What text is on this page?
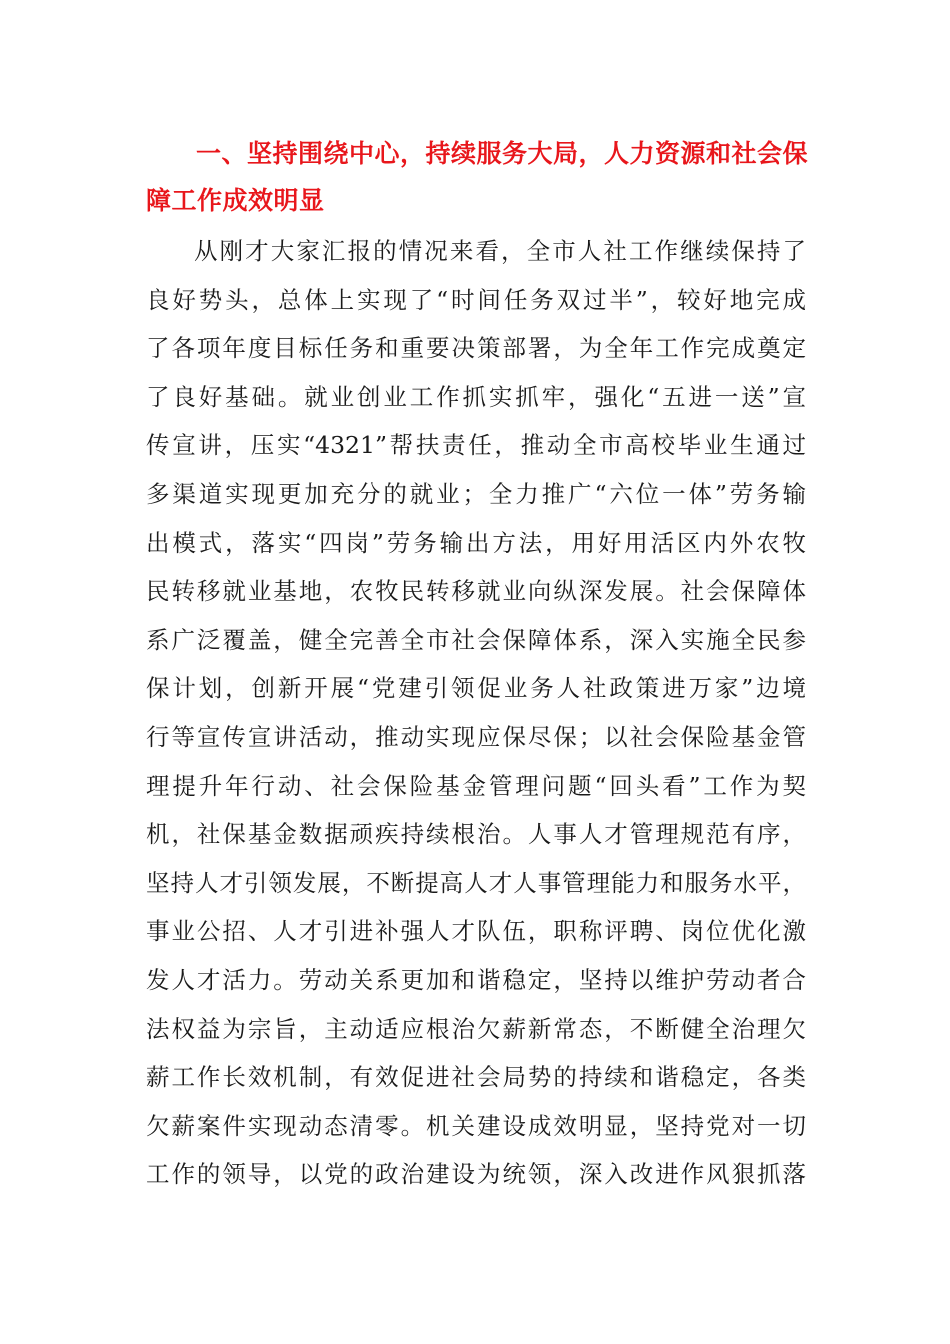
一、坚持围绕中心，持续服务大局，人力资源和社会保
障工作成效明显
从刚才大家汇报的情况来看，全市人社工作继续保持了
良好势头，总体上实现了“时间任务双过半”，较好地完成
了各项年度目标任务和重要决策部署，为全年工作完成奠定
了良好基础。就业创业工作抓实抓牢，强化“五进一送”宣
传宣讲，压实“4321”帮扶责任，推动全市高校毕业生通过
多渠道实现更加充分的就业；全力推广“六位一体”劳务输
出模式，落实“四岗”劳务输出方法，用好用活区内外农牧
民转移就业基地，农牧民转移就业向纵深发展。社会保障体
系广泛覆盖，健全完善全市社会保障体系，深入实施全民参
保计划，创新开展“党建引领促业务人社政策进万家”边境
行等宣传宣讲活动，推动实现应保尽保；以社会保险基金管
理提升年行动、社会保险基金管理问题“回头看”工作为契
机，社保基金数据顽疾持续根治。人事人才管理规范有序，
坚持人才引领发展，不断提高人才人事管理能力和服务水平，
事业公招、人才引进补强人才队伍，职称评聘、岗位优化激
发人才活力。劳动关系更加和谐稳定，坚持以维护劳动者合
法权益为宗旨，主动适应根治欠薪新常态，不断健全治理欠
薪工作长效机制，有效促进社会局势的持续和谐稳定，各类
欠薪案件实现动态清零。机关建设成效明显，坚持党对一切
工作的领导，以党的政治建设为统领，深入改进作风狠抓落
